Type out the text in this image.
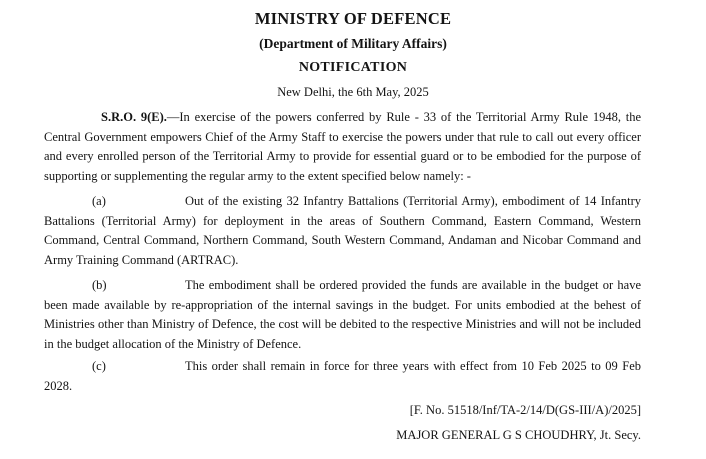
MINISTRY OF DEFENCE
(Department of Military Affairs)
NOTIFICATION
New Delhi, the 6th May, 2025

S.R.O. 9(E).—In exercise of the powers conferred by Rule - 33 of the Territorial Army Rule 1948, the Central Government empowers Chief of the Army Staff to exercise the powers under that rule to call out every officer and every enrolled person of the Territorial Army to provide for essential guard or to be embodied for the purpose of supporting or supplementing the regular army to the extent specified below namely: -

(a)	Out of the existing 32 Infantry Battalions (Territorial Army), embodiment of 14 Infantry Battalions (Territorial Army) for deployment in the areas of Southern Command, Eastern Command, Western Command, Central Command, Northern Command, South Western Command, Andaman and Nicobar Command and Army Training Command (ARTRAC).

(b)	The embodiment shall be ordered provided the funds are available in the budget or have been made available by re-appropriation of the internal savings in the budget. For units embodied at the behest of Ministries other than Ministry of Defence, the cost will be debited to the respective Ministries and will not be included in the budget allocation of the Ministry of Defence.

(c)	This order shall remain in force for three years with effect from 10 Feb 2025 to 09 Feb 2028.

[F. No. 51518/Inf/TA-2/14/D(GS-III/A)/2025]
MAJOR GENERAL G S CHOUDHRY, Jt. Secy.
